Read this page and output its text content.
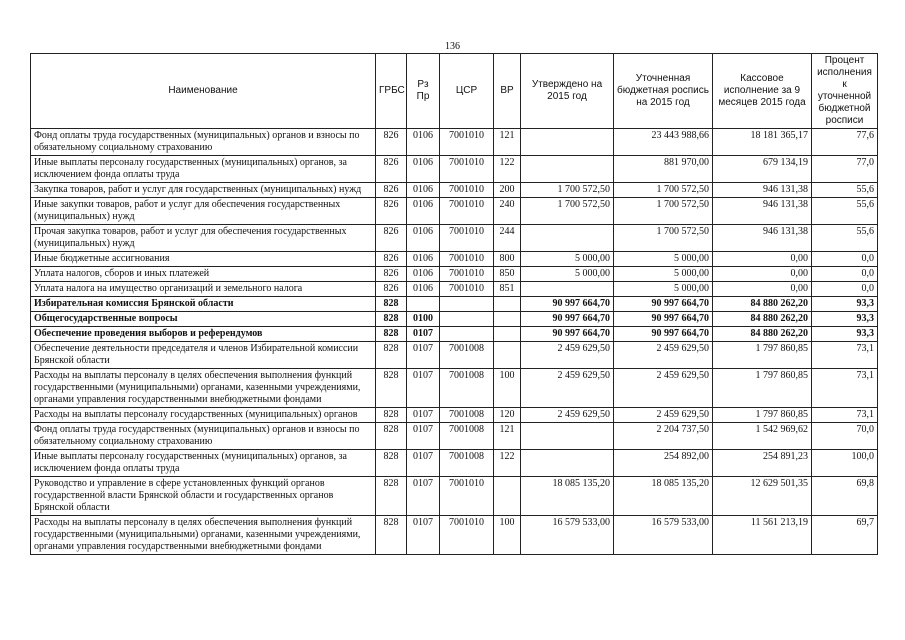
136
Наименование	ГРБС	Рз Пр	ЦСР	ВР	Утверждено на 2015 год	Уточненная бюджетная роспись на 2015 год	Кассовое исполнение за 9 месяцев 2015 года	Процент исполнения к уточненной бюджетной росписи
Фонд оплаты труда государственных (муниципальных) органов и взносы по обязательному социальному страхованию	826	0106	7001010	121		23 443 988,66	18 181 365,17	77,6
Иные выплаты персоналу государственных (муниципальных) органов, за исключением фонда оплаты труда	826	0106	7001010	122		881 970,00	679 134,19	77,0
Закупка товаров, работ и услуг для государственных (муниципальных) нужд	826	0106	7001010	200	1 700 572,50	1 700 572,50	946 131,38	55,6
Иные закупки товаров, работ и услуг для обеспечения государственных (муниципальных) нужд	826	0106	7001010	240	1 700 572,50	1 700 572,50	946 131,38	55,6
Прочая закупка товаров, работ и услуг для обеспечения государственных (муниципальных) нужд	826	0106	7001010	244		1 700 572,50	946 131,38	55,6
Иные бюджетные ассигнования	826	0106	7001010	800	5 000,00	5 000,00	0,00	0,0
Уплата налогов, сборов и иных платежей	826	0106	7001010	850	5 000,00	5 000,00	0,00	0,0
Уплата налога на имущество организаций и земельного налога	826	0106	7001010	851		5 000,00	0,00	0,0
Избирательная комиссия Брянской области	828				90 997 664,70	90 997 664,70	84 880 262,20	93,3
Общегосударственные вопросы	828	0100			90 997 664,70	90 997 664,70	84 880 262,20	93,3
Обеспечение проведения выборов и референдумов	828	0107			90 997 664,70	90 997 664,70	84 880 262,20	93,3
Обеспечение деятельности председателя и членов Избирательной комиссии Брянской области	828	0107	7001008		2 459 629,50	2 459 629,50	1 797 860,85	73,1
Расходы на выплаты персоналу в целях обеспечения выполнения функций государственными (муниципальными) органами, казенными учреждениями, органами управления государственными внебюджетными фондами	828	0107	7001008	100	2 459 629,50	2 459 629,50	1 797 860,85	73,1
Расходы на выплаты персоналу государственных (муниципальных) органов	828	0107	7001008	120	2 459 629,50	2 459 629,50	1 797 860,85	73,1
Фонд оплаты труда государственных (муниципальных) органов и взносы по обязательному социальному страхованию	828	0107	7001008	121		2 204 737,50	1 542 969,62	70,0
Иные выплаты персоналу государственных (муниципальных) органов, за исключением фонда оплаты труда	828	0107	7001008	122		254 892,00	254 891,23	100,0
Руководство и управление в сфере установленных функций органов государственной власти Брянской области и государственных органов Брянской области	828	0107	7001010		18 085 135,20	18 085 135,20	12 629 501,35	69,8
Расходы на выплаты персоналу в целях обеспечения выполнения функций государственными (муниципальными) органами, казенными учреждениями, органами управления государственными внебюджетными фондами	828	0107	7001010	100	16 579 533,00	16 579 533,00	11 561 213,19	69,7
